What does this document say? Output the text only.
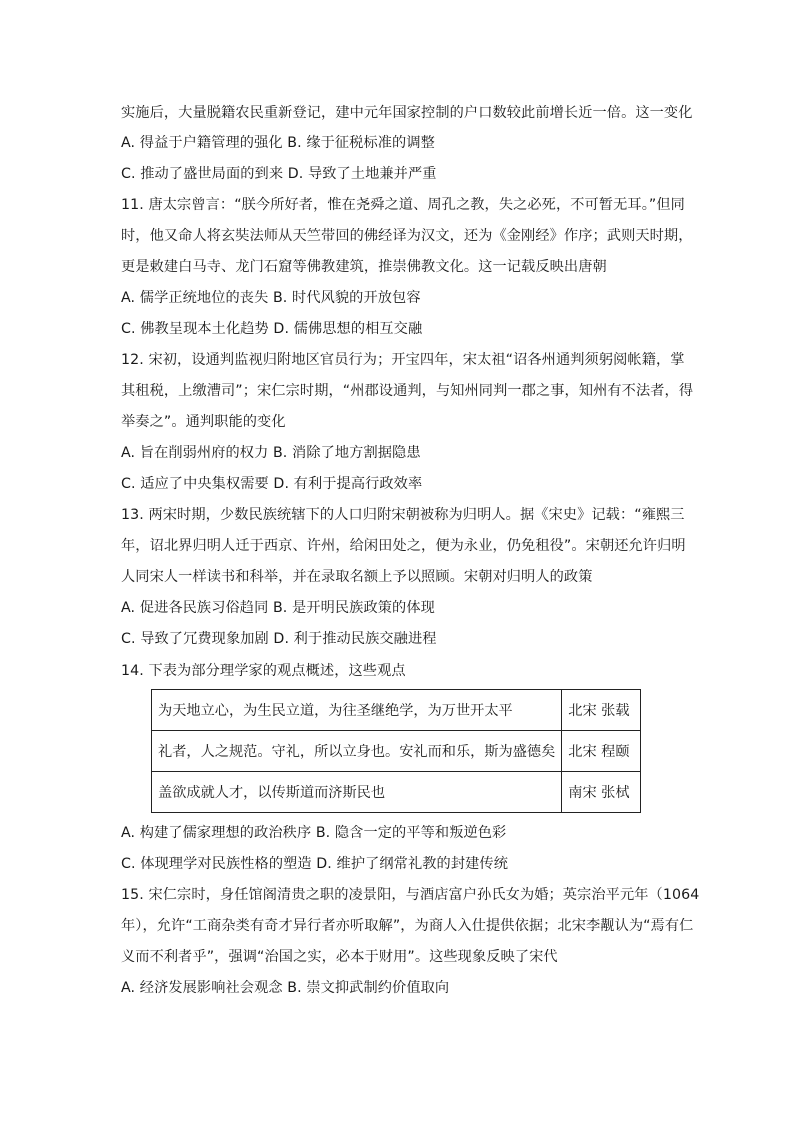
实施后，大量脱籍农民重新登记，建中元年国家控制的户口数较此前增长近一倍。这一变化
A. 得益于户籍管理的强化 B. 缘于征税标准的调整
C. 推动了盛世局面的到来 D. 导致了土地兼并严重
11. 唐太宗曾言：“朕今所好者，惟在尧舜之道、周孔之教，失之必死，不可暂无耳。”但同
时，他又命人将玄奘法师从天竺带回的佛经译为汉文，还为《金刚经》作序；武则天时期，
更是敕建白马寺、龙门石窟等佛教建筑，推崇佛教文化。这一记载反映出唐朝
A. 儒学正统地位的丧失 B. 时代风貌的开放包容
C. 佛教呈现本土化趋势 D. 儒佛思想的相互交融
12. 宋初，设通判监视归附地区官员行为；开宝四年，宋太祖“诏各州通判须躬阅帐籍，掌
其租税，上缴漕司”；宋仁宗时期，“州郡设通判，与知州同判一郡之事，知州有不法者，得
举奏之”。通判职能的变化
A. 旨在削弱州府的权力 B. 消除了地方割据隐患
C. 适应了中央集权需要 D. 有利于提高行政效率
13. 两宋时期，少数民族统辖下的人口归附宋朝被称为归明人。据《宋史》记载：“雍熙三
年，诏北界归明人迁于西京、许州，给闲田处之，便为永业，仍免租役”。宋朝还允许归明
人同宋人一样读书和科举，并在录取名额上予以照顾。宋朝对归明人的政策
A. 促进各民族习俗趋同 B. 是开明民族政策的体现
C. 导致了冗费现象加剧 D. 利于推动民族交融进程
14. 下表为部分理学家的观点概述，这些观点
为天地立心，为生民立道，为往圣继绝学，为万世开太平	北宋 张载
礼者，人之规范。守礼，所以立身也。安礼而和乐，斯为盛德矣	北宋 程颐
盖欲成就人才，以传斯道而济斯民也	南宋 张栻
A. 构建了儒家理想的政治秩序 B. 隐含一定的平等和叛逆色彩
C. 体现理学对民族性格的塑造 D. 维护了纲常礼教的封建传统
15. 宋仁宗时，身任馆阁清贵之职的凌景阳，与酒店富户孙氏女为婚；英宗治平元年（1064
年），允许“工商杂类有奇才异行者亦听取解”，为商人入仕提供依据；北宋李觏认为“焉有仁
义而不利者乎”，强调“治国之实，必本于财用”。这些现象反映了宋代
A. 经济发展影响社会观念 B. 崇文抑武制约价值取向
